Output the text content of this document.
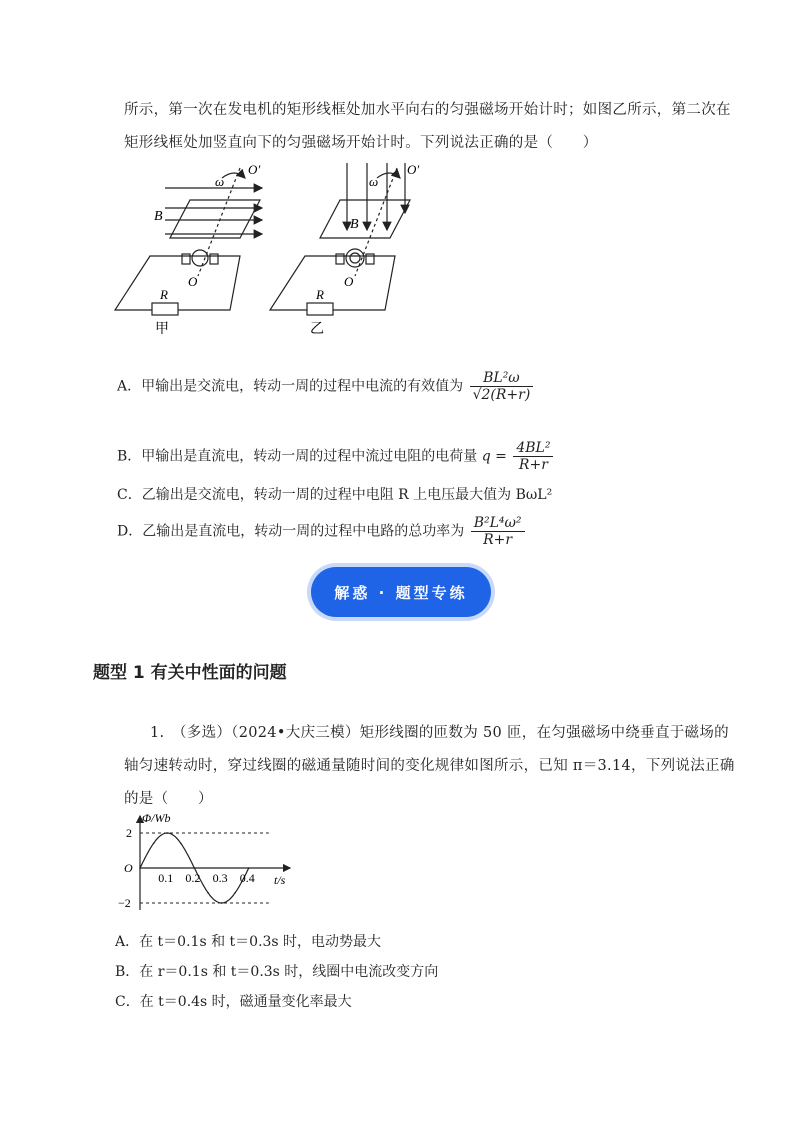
所示，第一次在发电机的矩形线框处加水平向右的匀强磁场开始计时；如图乙所示，第二次在
矩形线框处加竖直向下的匀强磁场开始计时。下列说法正确的是（　　）
ω
O′
B
O
R
甲
ω
O′
B
O
R
乙
A．甲输出是交流电，转动一周的过程中电流的有效值为 $\frac{\text{BL²ω}}{√2(R+r)}$
B．甲输出是直流电，转动一周的过程中流过电阻的电荷量 $q = \frac{\text{4BL²}}{R+r}$
C．乙输出是交流电，转动一周的过程中电阻 R 上电压最大值为 BωL²
D．乙输出是直流电，转动一周的过程中电路的总功率为 $\frac{\text{B²L⁴ω²}}{R+r}$
解惑 · 题型专练
题型 1 有关中性面的问题
1.　（多选）（2024•大庆三模）矩形线圈的匝数为 50 匝，在匀强磁场中绕垂直于磁场的
轴匀速转动时，穿过线圈的磁通量随时间的变化规律如图所示，已知 π＝3.14，下列说法正确
的是（　　）
0.1 0.2 0.3 0.4
2
−2
O
Φ/Wb
t/s
A．在 t＝0.1s 和 t＝0.3s 时，电动势最大
B．在 r＝0.1s 和 t＝0.3s 时，线圈中电流改变方向
C．在 t＝0.4s 时，磁通量变化率最大
